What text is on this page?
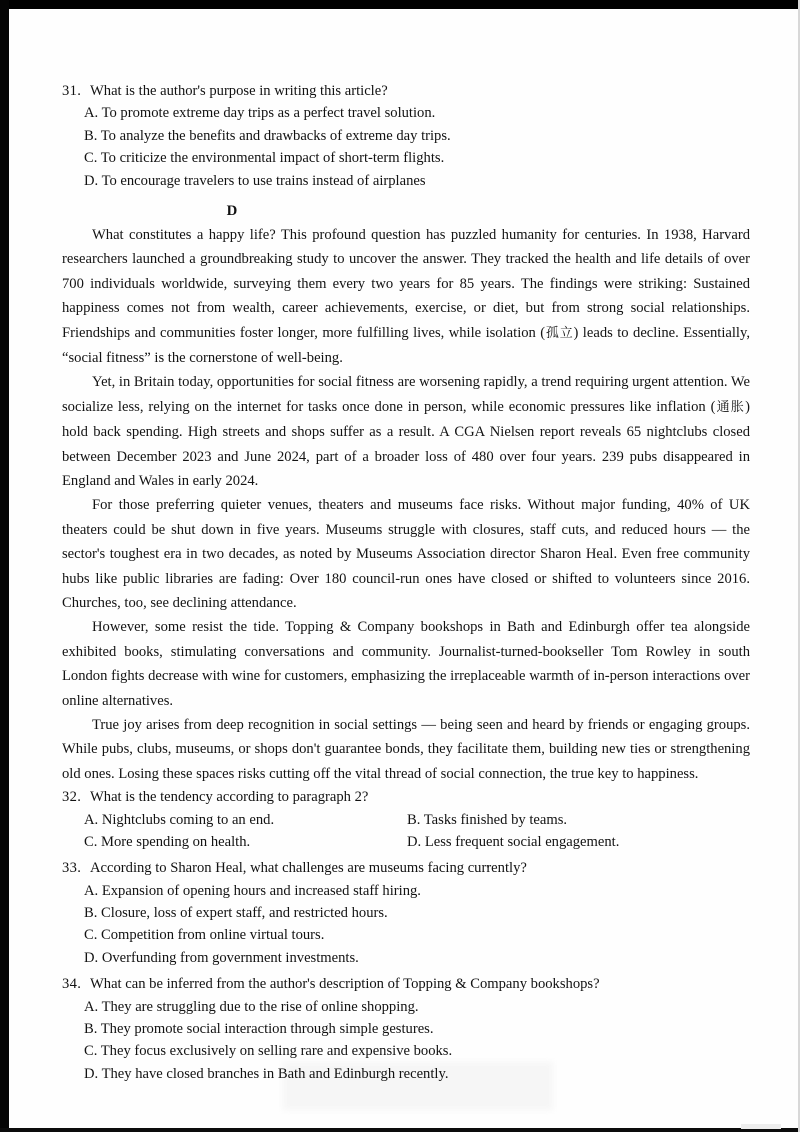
31. What is the author's purpose in writing this article?
A. To promote extreme day trips as a perfect travel solution.
B. To analyze the benefits and drawbacks of extreme day trips.
C. To criticize the environmental impact of short-term flights.
D. To encourage travelers to use trains instead of airplanes
D

What constitutes a happy life? This profound question has puzzled humanity for centuries. In 1938, Harvard researchers launched a groundbreaking study to uncover the answer. They tracked the health and life details of over 700 individuals worldwide, surveying them every two years for 85 years. The findings were striking: Sustained happiness comes not from wealth, career achievements, exercise, or diet, but from strong social relationships. Friendships and communities foster longer, more fulfilling lives, while isolation (孤立) leads to decline. Essentially, “social fitness” is the cornerstone of well-being.

Yet, in Britain today, opportunities for social fitness are worsening rapidly, a trend requiring urgent attention. We socialize less, relying on the internet for tasks once done in person, while economic pressures like inflation (通胀) hold back spending. High streets and shops suffer as a result. A CGA Nielsen report reveals 65 nightclubs closed between December 2023 and June 2024, part of a broader loss of 480 over four years. 239 pubs disappeared in England and Wales in early 2024.

For those preferring quieter venues, theaters and museums face risks. Without major funding, 40% of UK theaters could be shut down in five years. Museums struggle with closures, staff cuts, and reduced hours — the sector's toughest era in two decades, as noted by Museums Association director Sharon Heal. Even free community hubs like public libraries are fading: Over 180 council-run ones have closed or shifted to volunteers since 2016. Churches, too, see declining attendance.

However, some resist the tide. Topping & Company bookshops in Bath and Edinburgh offer tea alongside exhibited books, stimulating conversations and community. Journalist-turned-bookseller Tom Rowley in south London fights decrease with wine for customers, emphasizing the irreplaceable warmth of in-person interactions over online alternatives.

True joy arises from deep recognition in social settings — being seen and heard by friends or engaging groups. While pubs, clubs, museums, or shops don't guarantee bonds, they facilitate them, building new ties or strengthening old ones. Losing these spaces risks cutting off the vital thread of social connection, the true key to happiness.

32. What is the tendency according to paragraph 2?
A. Nightclubs coming to an end.	B. Tasks finished by teams.
C. More spending on health.	D. Less frequent social engagement.
33. According to Sharon Heal, what challenges are museums facing currently?
A. Expansion of opening hours and increased staff hiring.
B. Closure, loss of expert staff, and restricted hours.
C. Competition from online virtual tours.
D. Overfunding from government investments.
34. What can be inferred from the author's description of Topping & Company bookshops?
A. They are struggling due to the rise of online shopping.
B. They promote social interaction through simple gestures.
C. They focus exclusively on selling rare and expensive books.
D. They have closed branches in Bath and Edinburgh recently.
